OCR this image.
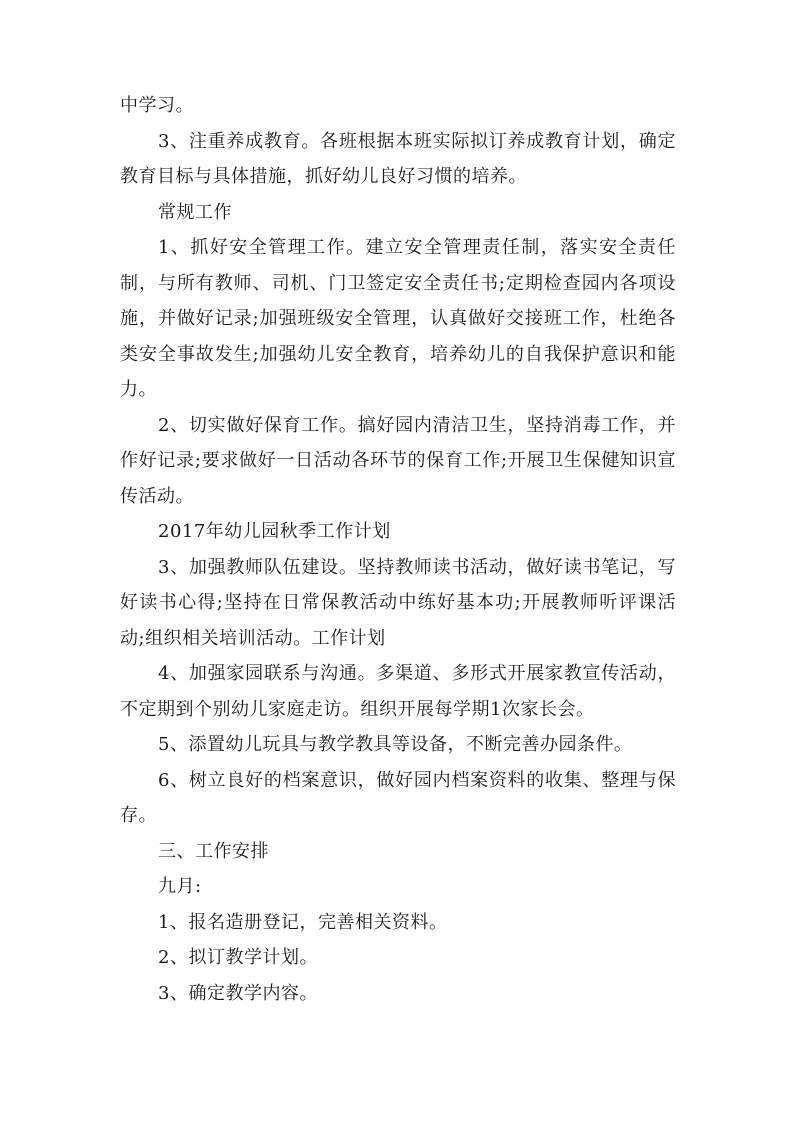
中学习。

3、注重养成教育。各班根据本班实际拟订养成教育计划，确定教育目标与具体措施，抓好幼儿良好习惯的培养。

常规工作

1、抓好安全管理工作。建立安全管理责任制，落实安全责任制，与所有教师、司机、门卫签定安全责任书;定期检查园内各项设施，并做好记录;加强班级安全管理，认真做好交接班工作，杜绝各类安全事故发生;加强幼儿安全教育，培养幼儿的自我保护意识和能力。

2、切实做好保育工作。搞好园内清洁卫生，坚持消毒工作，并作好记录;要求做好一日活动各环节的保育工作;开展卫生保健知识宣传活动。

2017年幼儿园秋季工作计划

3、加强教师队伍建设。坚持教师读书活动，做好读书笔记，写好读书心得;坚持在日常保教活动中练好基本功;开展教师听评课活动;组织相关培训活动。工作计划

4、加强家园联系与沟通。多渠道、多形式开展家教宣传活动，不定期到个别幼儿家庭走访。组织开展每学期1次家长会。

5、添置幼儿玩具与教学教具等设备，不断完善办园条件。

6、树立良好的档案意识，做好园内档案资料的收集、整理与保存。

三、工作安排

九月:

1、报名造册登记，完善相关资料。

2、拟订教学计划。

3、确定教学内容。
